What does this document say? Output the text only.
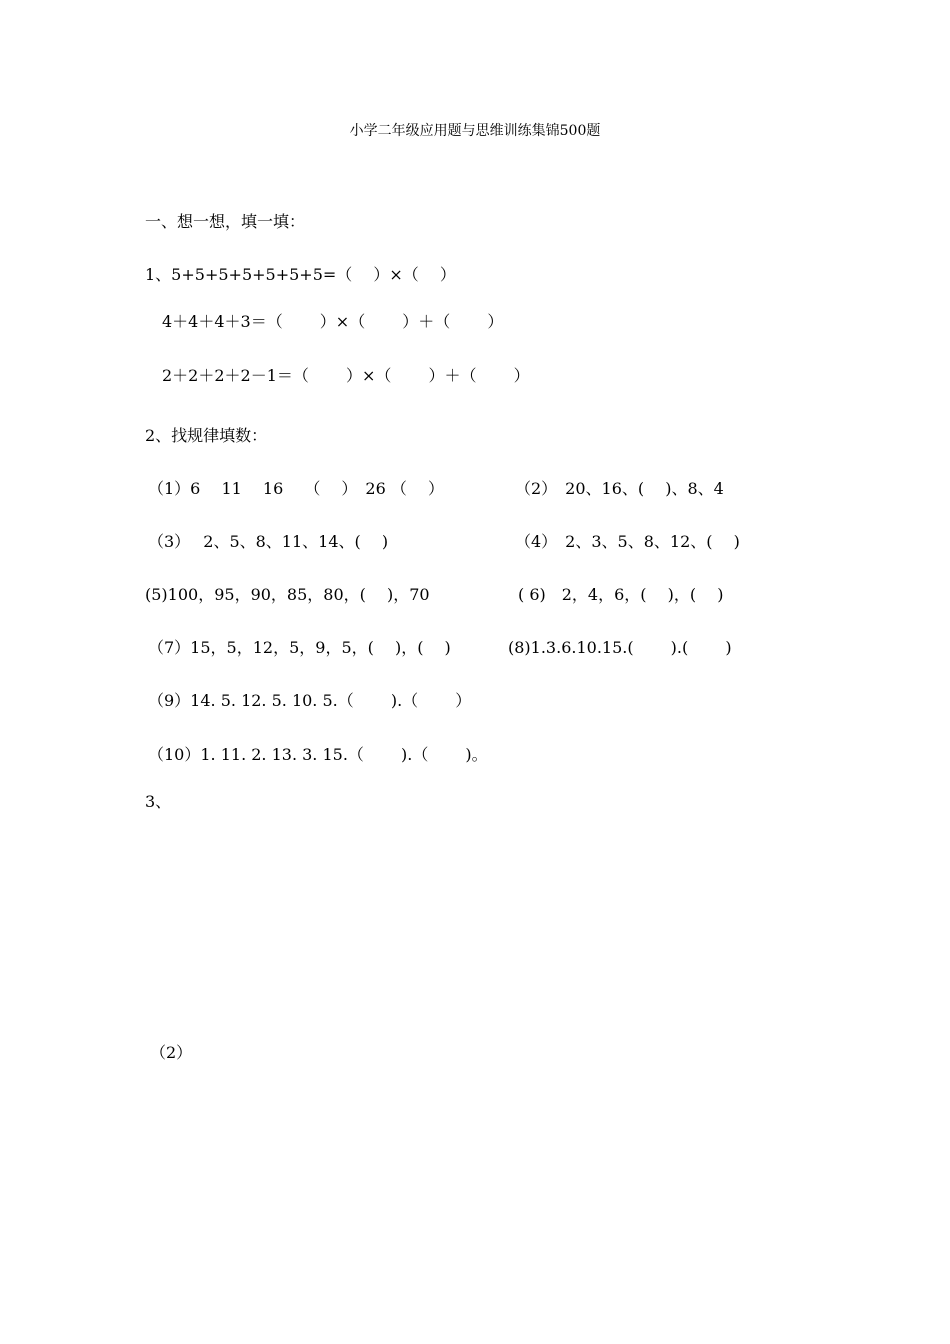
小学二年级应用题与思维训练集锦500题
一、想一想，填一填：
1、5+5+5+5+5+5+5=（　 ）×（　 ）
4＋4＋4＋3＝（　　 ）×（　　 ）＋（　　 ）
2＋2＋2＋2－1＝（　　 ）×（　　 ）＋（　　 ）
2、找规律填数：
（1）6　 11　 16　 （　 ）　26 （　 ）	（2）　20、16、(　 )、8、4
（3）　 2、5、8、11、14、(　 )	（4）　2、3、5、8、12、(　 )
(5)100，95，90，85，80，(　 )，70	( 6)　2，4，6，(　 )，(　 )
（7）15，5，12，5，9，5，(　 )，(　 )	(8)1.3.6.10.15.(　　 ).(　　 )
（9）14. 5. 12. 5. 10. 5.（　　 ).（　　 ）
（10）1. 11. 2. 13. 3. 15.（　　 ).（　　 )。
3、
（2）
